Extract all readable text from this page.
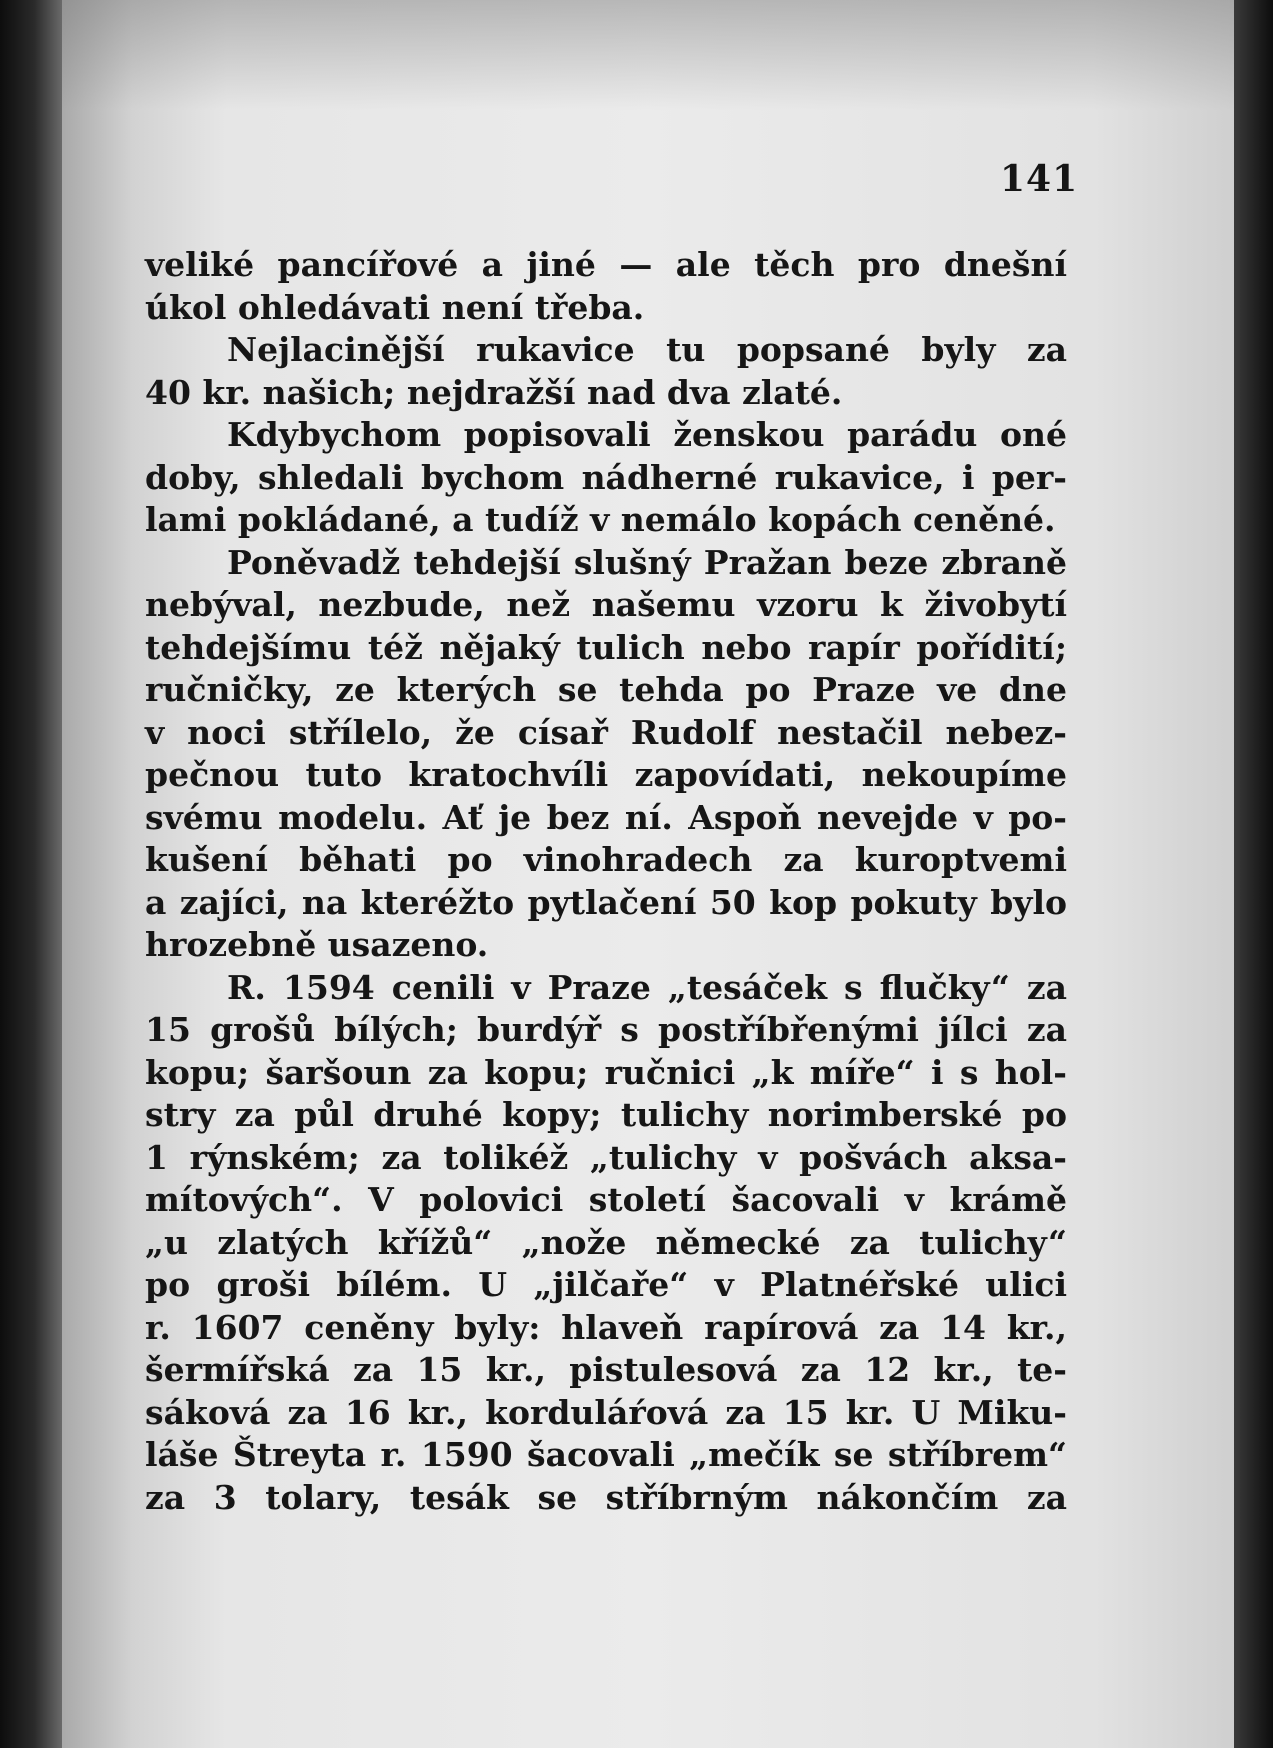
141
veliké pancířové a jiné — ale těch pro dnešní
úkol ohledávati není třeba.
Nejlacinější rukavice tu popsané byly za
40 kr. našich; nejdražší nad dva zlaté.
Kdybychom popisovali ženskou parádu oné
doby, shledali bychom nádherné rukavice, i per-
lami pokládané, a tudíž v nemálo kopách ceněné.
Poněvadž tehdejší slušný Pražan beze zbraně
nebýval, nezbude, než našemu vzoru k živobytí
tehdejšímu též nějaký tulich nebo rapír pořídití;
ručničky, ze kterých se tehda po Praze ve dne
v noci střílelo, že císař Rudolf nestačil nebez-
pečnou tuto kratochvíli zapovídati, nekoupíme
svému modelu. Ať je bez ní. Aspoň nevejde v po-
kušení běhati po vinohradech za kuroptvemi
a zajíci, na kteréžto pytlačení 50 kop pokuty bylo
hrozebně usazeno.
R. 1594 cenili v Praze „tesáček s flučky“ za
15 grošů bílých; burdýř s postříbřenými jílci za
kopu; šaršoun za kopu; ručnici „k míře“ i s hol-
stry za půl druhé kopy; tulichy norimberské po
1 rýnském; za tolikéž „tulichy v pošvách aksa-
mítových“. V polovici století šacovali v krámě
„u zlatých křížů“ „nože německé za tulichy“
po groši bílém. U „jilčaře“ v Platnéřské ulici
r. 1607 ceněny byly: hlaveň rapírová za 14 kr.,
šermířská za 15 kr., pistulesová za 12 kr., te-
sáková za 16 kr., korduláŕová za 15 kr. U Miku-
láše Štreyta r. 1590 šacovali „mečík se stříbrem“
za 3 tolary, tesák se stříbrným nákončím za
